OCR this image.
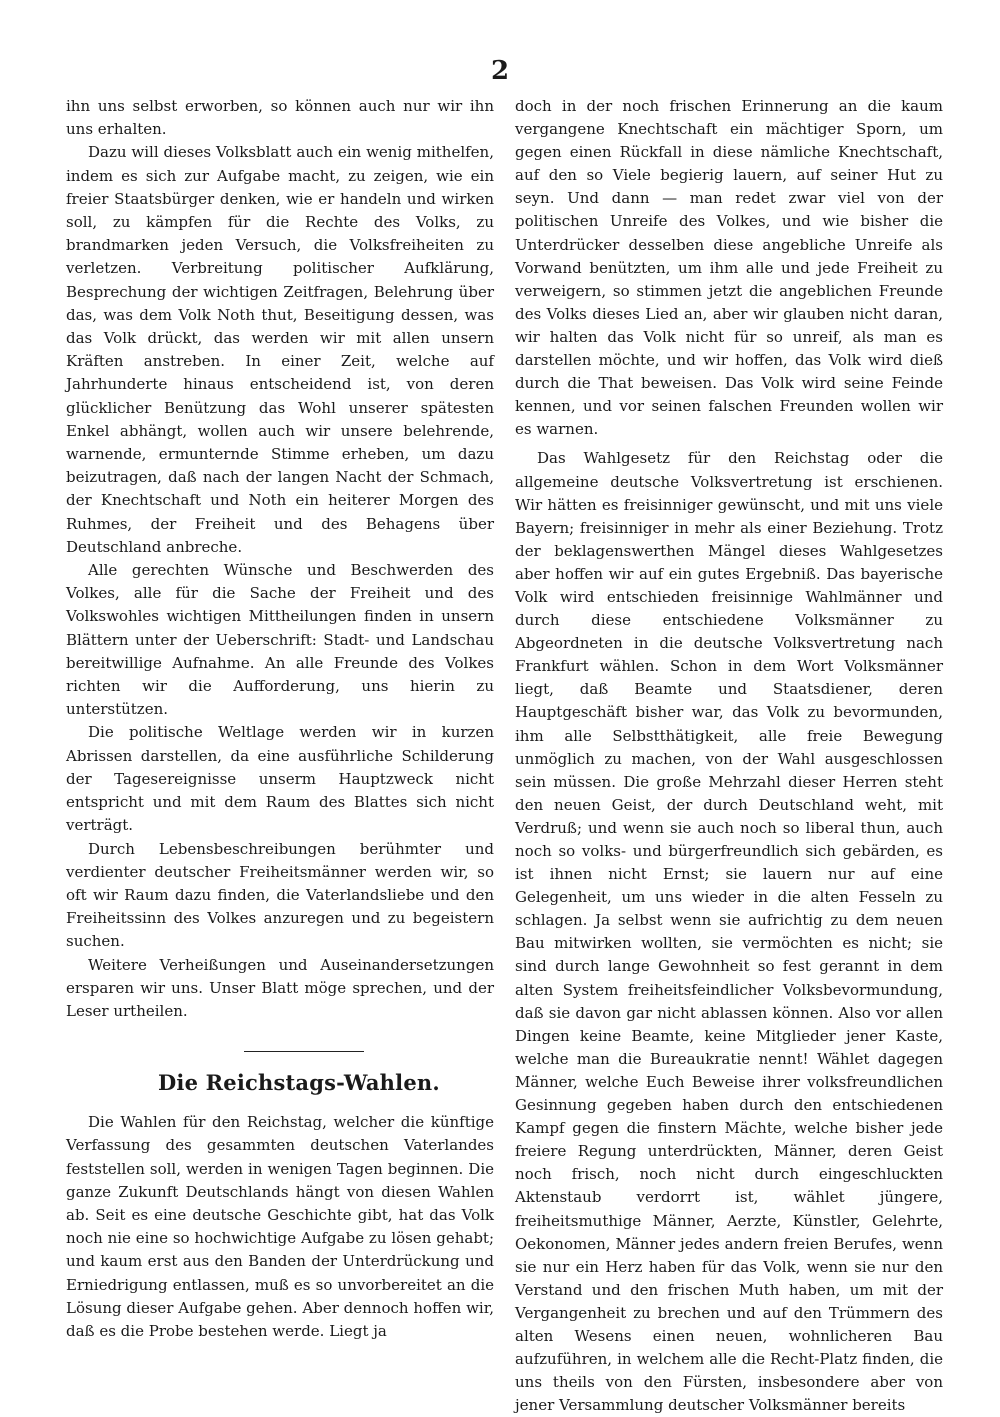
2

ihn uns selbst erworben, so können auch nur wir ihn uns erhalten.

Dazu will dieses Volksblatt auch ein wenig mithelfen, indem es sich zur Aufgabe macht, zu zeigen, wie ein freier Staatsbürger denken, wie er handeln und wirken soll, zu kämpfen für die Rechte des Volks, zu brandmarken jeden Versuch, die Volksfreiheiten zu verletzen. Verbreitung politischer Aufklärung, Besprechung der wichtigen Zeitfragen, Belehrung über das, was dem Volk Noth thut, Beseitigung dessen, was das Volk drückt, das werden wir mit allen unsern Kräften anstreben. In einer Zeit, welche auf Jahrhunderte hinaus entscheidend ist, von deren glücklicher Benützung das Wohl unserer spätesten Enkel abhängt, wollen auch wir unsere belehrende, warnende, ermunternde Stimme erheben, um dazu beizutragen, daß nach der langen Nacht der Schmach, der Knechtschaft und Noth ein heiterer Morgen des Ruhmes, der Freiheit und des Behagens über Deutschland anbreche.

Alle gerechten Wünsche und Beschwerden des Volkes, alle für die Sache der Freiheit und des Volkswohles wichtigen Mittheilungen finden in unsern Blättern unter der Ueberschrift: Stadt- und Landschau bereitwillige Aufnahme. An alle Freunde des Volkes richten wir die Aufforderung, uns hierin zu unterstützen.

Die politische Weltlage werden wir in kurzen Abrissen darstellen, da eine ausführliche Schilderung der Tagesereignisse unserm Hauptzweck nicht entspricht und mit dem Raum des Blattes sich nicht verträgt.

Durch Lebensbeschreibungen berühmter und verdienter deutscher Freiheitsmänner werden wir, so oft wir Raum dazu finden, die Vaterlandsliebe und den Freiheitssinn des Volkes anzuregen und zu begeistern suchen.

Weitere Verheißungen und Auseinandersetzungen ersparen wir uns. Unser Blatt möge sprechen, und der Leser urtheilen.

Die Reichstags-Wahlen.

Die Wahlen für den Reichstag, welcher die künftige Verfassung des gesammten deutschen Vaterlandes feststellen soll, werden in wenigen Tagen beginnen. Die ganze Zukunft Deutschlands hängt von diesen Wahlen ab. Seit es eine deutsche Geschichte gibt, hat das Volk noch nie eine so hochwichtige Aufgabe zu lösen gehabt; und kaum erst aus den Banden der Unterdrückung und Erniedrigung entlassen, muß es so unvorbereitet an die Lösung dieser Aufgabe gehen. Aber dennoch hoffen wir, daß es die Probe bestehen werde. Liegt ja

doch in der noch frischen Erinnerung an die kaum vergangene Knechtschaft ein mächtiger Sporn, um gegen einen Rückfall in diese nämliche Knechtschaft, auf den so Viele begierig lauern, auf seiner Hut zu seyn. Und dann — man redet zwar viel von der politischen Unreife des Volkes, und wie bisher die Unterdrücker desselben diese angebliche Unreife als Vorwand benützten, um ihm alle und jede Freiheit zu verweigern, so stimmen jetzt die angeblichen Freunde des Volks dieses Lied an, aber wir glauben nicht daran, wir halten das Volk nicht für so unreif, als man es darstellen möchte, und wir hoffen, das Volk wird dieß durch die That beweisen. Das Volk wird seine Feinde kennen, und vor seinen falschen Freunden wollen wir es warnen.

Das Wahlgesetz für den Reichstag oder die allgemeine deutsche Volksvertretung ist erschienen. Wir hätten es freisinniger gewünscht, und mit uns viele Bayern; freisinniger in mehr als einer Beziehung. Trotz der beklagenswerthen Mängel dieses Wahlgesetzes aber hoffen wir auf ein gutes Ergebniß. Das bayerische Volk wird entschieden freisinnige Wahlmänner und durch diese entschiedene Volksmänner zu Abgeordneten in die deutsche Volksvertretung nach Frankfurt wählen. Schon in dem Wort Volksmänner liegt, daß Beamte und Staatsdiener, deren Hauptgeschäft bisher war, das Volk zu bevormunden, ihm alle Selbstthätigkeit, alle freie Bewegung unmöglich zu machen, von der Wahl ausgeschlossen sein müssen. Die große Mehrzahl dieser Herren steht den neuen Geist, der durch Deutschland weht, mit Verdruß; und wenn sie auch noch so liberal thun, auch noch so volks- und bürgerfreundlich sich gebärden, es ist ihnen nicht Ernst; sie lauern nur auf eine Gelegenheit, um uns wieder in die alten Fesseln zu schlagen. Ja selbst wenn sie aufrichtig zu dem neuen Bau mitwirken wollten, sie vermöchten es nicht; sie sind durch lange Gewohnheit so fest gerannt in dem alten System freiheitsfeindlicher Volksbevormundung, daß sie davon gar nicht ablassen können. Also vor allen Dingen keine Beamte, keine Mitglieder jener Kaste, welche man die Bureaukratie nennt! Wählet dagegen Männer, welche Euch Beweise ihrer volksfreundlichen Gesinnung gegeben haben durch den entschiedenen Kampf gegen die finstern Mächte, welche bisher jede freiere Regung unterdrückten, Männer, deren Geist noch frisch, noch nicht durch eingeschluckten Aktenstaub verdorrt ist, wählet jüngere, freiheitsmuthige Männer, Aerzte, Künstler, Gelehrte, Oekonomen, Männer jedes andern freien Berufes, wenn sie nur ein Herz haben für das Volk, wenn sie nur den Verstand und den frischen Muth haben, um mit der Vergangenheit zu brechen und auf den Trümmern des alten Wesens einen neuen, wohnlicheren Bau aufzuführen, in welchem alle die Recht-Platz finden, die uns theils von den Fürsten, insbesondere aber von jener Versammlung deutscher Volksmänner bereits
